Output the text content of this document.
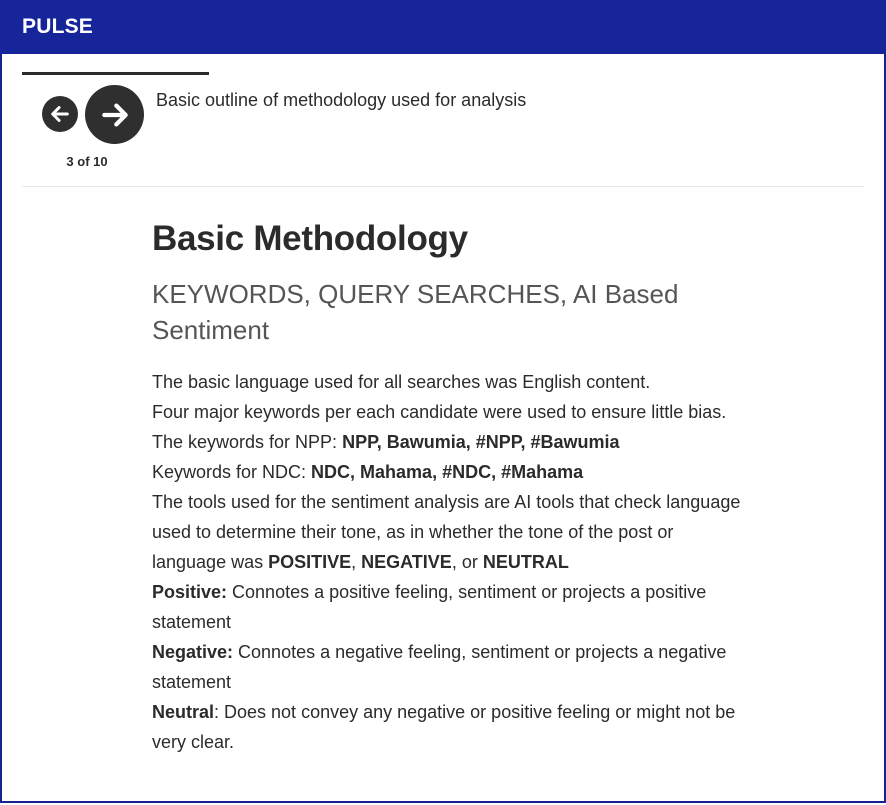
PULSE
3 of 10
Basic outline of methodology used for analysis
Basic Methodology
KEYWORDS, QUERY SEARCHES, AI Based Sentiment
The basic language used for all searches was English content.
Four major keywords per each candidate were used to ensure little bias.
The keywords for NPP: NPP, Bawumia, #NPP, #Bawumia
Keywords for NDC: NDC, Mahama, #NDC, #Mahama
The tools used for the sentiment analysis are AI tools that check language used to determine their tone, as in whether the tone of the post or language was POSITIVE, NEGATIVE, or NEUTRAL
Positive: Connotes a positive feeling, sentiment or projects a positive statement
Negative: Connotes a negative feeling, sentiment or projects a negative statement
Neutral: Does not convey any negative or positive feeling or might not be very clear.
